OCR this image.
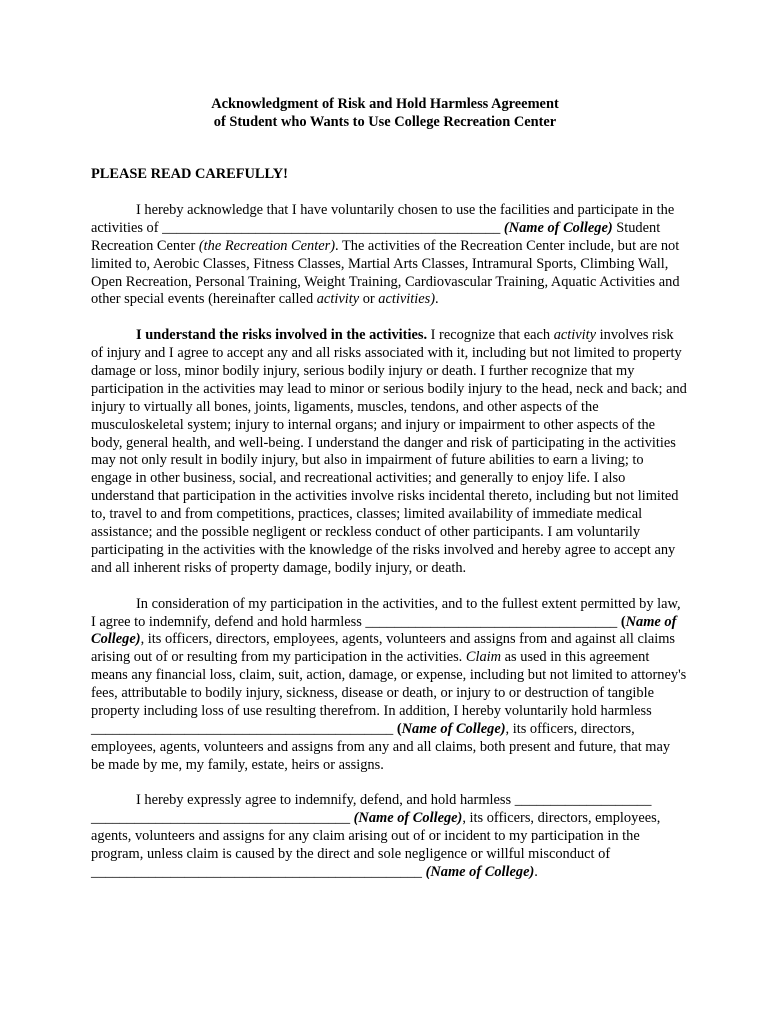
Acknowledgment of Risk and Hold Harmless Agreement
of Student who Wants to Use College Recreation Center
PLEASE READ CAREFULLY!

I hereby acknowledge that I have voluntarily chosen to use the facilities and participate in the activities of _______________________________________________ (Name of College) Student Recreation Center (the Recreation Center). The activities of the Recreation Center include, but are not limited to, Aerobic Classes, Fitness Classes, Martial Arts Classes, Intramural Sports, Climbing Wall, Open Recreation, Personal Training, Weight Training, Cardiovascular Training, Aquatic Activities and other special events (hereinafter called activity or activities).

I understand the risks involved in the activities. I recognize that each activity involves risk of injury and I agree to accept any and all risks associated with it, including but not limited to property damage or loss, minor bodily injury, serious bodily injury or death. I further recognize that my participation in the activities may lead to minor or serious bodily injury to the head, neck and back; and injury to virtually all bones, joints, ligaments, muscles, tendons, and other aspects of the musculoskeletal system; injury to internal organs; and injury or impairment to other aspects of the body, general health, and well-being. I understand the danger and risk of participating in the activities may not only result in bodily injury, but also in impairment of future abilities to earn a living; to engage in other business, social, and recreational activities; and generally to enjoy life. I also understand that participation in the activities involve risks incidental thereto, including but not limited to, travel to and from competitions, practices, classes; limited availability of immediate medical assistance; and the possible negligent or reckless conduct of other participants. I am voluntarily participating in the activities with the knowledge of the risks involved and hereby agree to accept any and all inherent risks of property damage, bodily injury, or death.

In consideration of my participation in the activities, and to the fullest extent permitted by law, I agree to indemnify, defend and hold harmless ___________________________________ (Name of College), its officers, directors, employees, agents, volunteers and assigns from and against all claims arising out of or resulting from my participation in the activities. Claim as used in this agreement means any financial loss, claim, suit, action, damage, or expense, including but not limited to attorney's fees, attributable to bodily injury, sickness, disease or death, or injury to or destruction of tangible property including loss of use resulting therefrom. In addition, I hereby voluntarily hold harmless __________________________________________ (Name of College), its officers, directors, employees, agents, volunteers and assigns from any and all claims, both present and future, that may be made by me, my family, estate, heirs or assigns.

I hereby expressly agree to indemnify, defend, and hold harmless ___________________ ____________________________________ (Name of College), its officers, directors, employees, agents, volunteers and assigns for any claim arising out of or incident to my participation in the program, unless claim is caused by the direct and sole negligence or willful misconduct of ______________________________________________ (Name of College).
